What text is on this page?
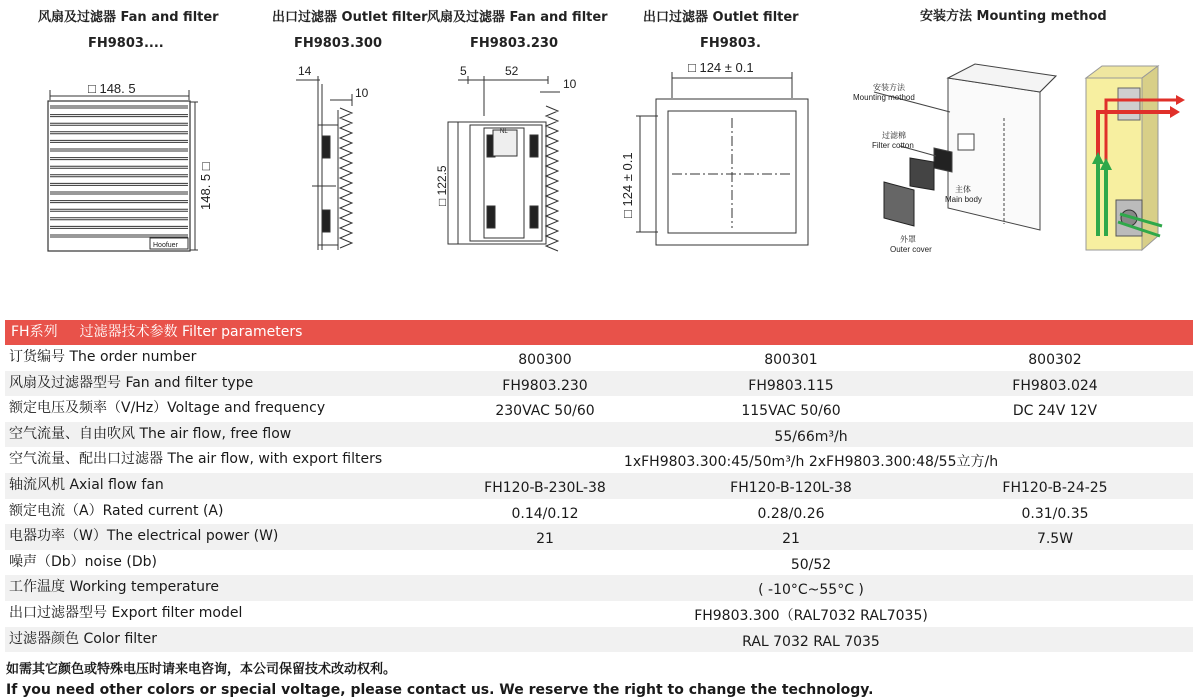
风扇及过滤器 Fan and filter
FH9803....
出口过滤器 Outlet filter
FH9803.300
风扇及过滤器 Fan and filter
FH9803.230
出口过滤器 Outlet filter
FH9803.
安装方法 Mounting method
□ 148. 5
148. 5 □
Hoofuer
14
10
5	52
10
□ 122.5
NL
□ 124 ± 0.1
□ 124 ± 0.1
安装方法
Mounting method
过滤棉
Filter cotton
主体
Main body
外罩
Outer cover
FH系列 过滤器技术参数 Filter parameters
订货编号 The order number	800300	800301	800302
风扇及过滤器型号 Fan and filter type	FH9803.230	FH9803.115	FH9803.024
额定电压及频率（V/Hz）Voltage and frequency	230VAC 50/60	115VAC 50/60	DC 24V 12V
空气流量、自由吹风 The air flow, free flow	55/66m³/h
空气流量、配出口过滤器 The air flow, with export filters	1xFH9803.300:45/50m³/h 2xFH9803.300:48/55立方/h
轴流风机 Axial flow fan	FH120-B-230L-38	FH120-B-120L-38	FH120-B-24-25
额定电流（A）Rated current (A)	0.14/0.12	0.28/0.26	0.31/0.35
电器功率（W）The electrical power (W)	21	21	7.5W
噪声（Db）noise (Db)	50/52
工作温度 Working temperature	( -10°C~55°C )
出口过滤器型号 Export filter model	FH9803.300（RAL7032 RAL7035)
过滤器颜色 Color filter	RAL 7032 RAL 7035
如需其它颜色或特殊电压时请来电咨询，本公司保留技术改动权利。
If you need other colors or special voltage, please contact us. We reserve the right to change the technology.
